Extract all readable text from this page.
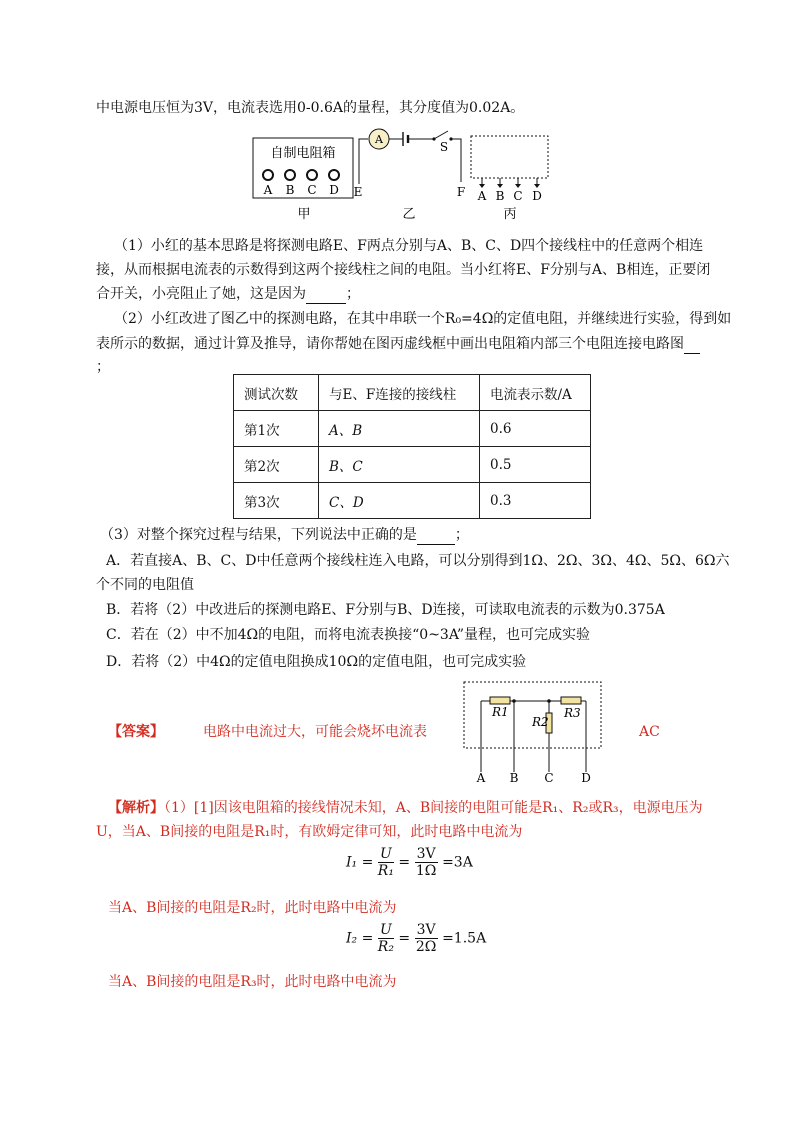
中电源电压恒为3V，电流表选用0-0.6A的量程，其分度值为0.02A。
自制电阻箱
A B C D
A
S
E	F A B C D
甲	乙	丙
（1）小红的基本思路是将探测电路E、F两点分别与A、B、C、D四个接线柱中的任意两个相连
接，从而根据电流表的示数得到这两个接线柱之间的电阻。当小红将E、F分别与A、B相连，正要闭
合开关，小亮阻止了她，这是因为	；
（2）小红改进了图乙中的探测电路，在其中串联一个R₀=4Ω的定值电阻，并继续进行实验，得到如
表所示的数据，通过计算及推导，请你帮她在图丙虚线框中画出电阻箱内部三个电阻连接电路图
；
测试次数	与E、F连接的接线柱	电流表示数/A
第1次	A、B	0.6
第2次	B、C	0.5
第3次	C、D	0.3
（3）对整个探究过程与结果，下列说法中正确的是	；
A．若直接A、B、C、D中任意两个接线柱连入电路，可以分别得到1Ω、2Ω、3Ω、4Ω、5Ω、6Ω六
个不同的电阻值
B．若将（2）中改进后的探测电路E、F分别与B、D连接，可读取电流表的示数为0.375A
C．若在（2）中不加4Ω的电阻，而将电流表换接“0~3A”量程，也可完成实验
D．若将（2）中4Ω的定值电阻换成10Ω的定值电阻，也可完成实验
【答案】	电路中电流过大，可能会烧坏电流表
R1
R2
R3
A B C D
AC
【解析】（1）[1]因该电阻箱的接线情况未知，A、B间接的电阻可能是R₁、R₂或R₃，电源电压为
U，当A、B间接的电阻是R₁时，有欧姆定律可知，此时电路中电流为
$I_1 = \frac{U}{\text{R₁}} = \frac{3V}{1\Omega} =3A$
当A、B间接的电阻是R₂时，此时电路中电流为
$I_2 = \frac{U}{\text{R₂}} = \frac{3V}{2\Omega} =1.5A$
当A、B间接的电阻是R₃时，此时电路中电流为
